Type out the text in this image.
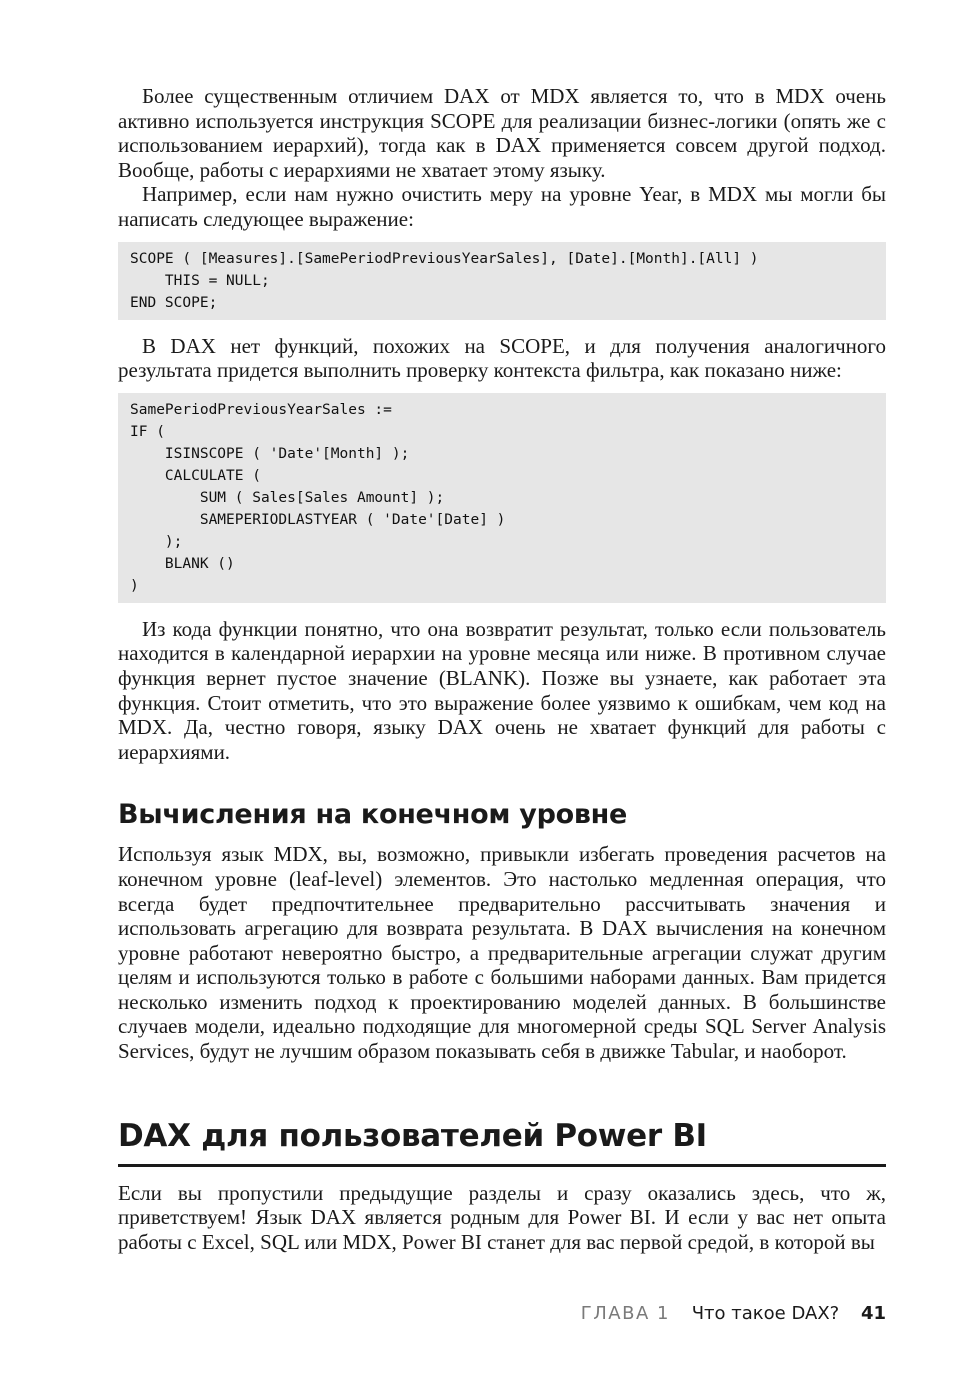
Более существенным отличием DAX от MDX является то, что в MDX очень активно используется инструкция SCOPE для реализации бизнес-логики (опять же с использованием иерархий), тогда как в DAX применяется совсем другой подход. Вообще, работы с иерархиями не хватает этому языку.

Например, если нам нужно очистить меру на уровне Year, в MDX мы могли бы написать следующее выражение:

SCOPE ( [Measures].[SamePeriodPreviousYearSales], [Date].[Month].[All] )
THIS = NULL;
END SCOPE;

В DAX нет функций, похожих на SCOPE, и для получения аналогичного результата придется выполнить проверку контекста фильтра, как показано ниже:

SamePeriodPreviousYearSales :=
IF (
ISINSCOPE ( 'Date'[Month] );
CALCULATE (
SUM ( Sales[Sales Amount] );
SAMEPERIODLASTYEAR ( 'Date'[Date] )
);
BLANK ()
)

Из кода функции понятно, что она возвратит результат, только если пользователь находится в календарной иерархии на уровне месяца или ниже. В противном случае функция вернет пустое значение (BLANK). Позже вы узнаете, как работает эта функция. Стоит отметить, что это выражение более уязвимо к ошибкам, чем код на MDX. Да, честно говоря, языку DAX очень не хватает функций для работы с иерархиями.

Вычисления на конечном уровне

Используя язык MDX, вы, возможно, привыкли избегать проведения расчетов на конечном уровне (leaf-level) элементов. Это настолько медленная операция, что всегда будет предпочтительнее предварительно рассчитывать значения и использовать агрегацию для возврата результата. В DAX вычисления на конечном уровне работают невероятно быстро, а предварительные агрегации служат другим целям и используются только в работе с большими наборами данных. Вам придется несколько изменить подход к проектированию моделей данных. В большинстве случаев модели, идеально подходящие для многомерной среды SQL Server Analysis Services, будут не лучшим образом показывать себя в движке Tabular, и наоборот.

DAX для пользователей Power BI

Если вы пропустили предыдущие разделы и сразу оказались здесь, что ж, приветствуем! Язык DAX является родным для Power BI. И если у вас нет опыта работы с Excel, SQL или MDX, Power BI станет для вас первой средой, в которой вы

ГЛАВА 1 Что такое DAX? 41
